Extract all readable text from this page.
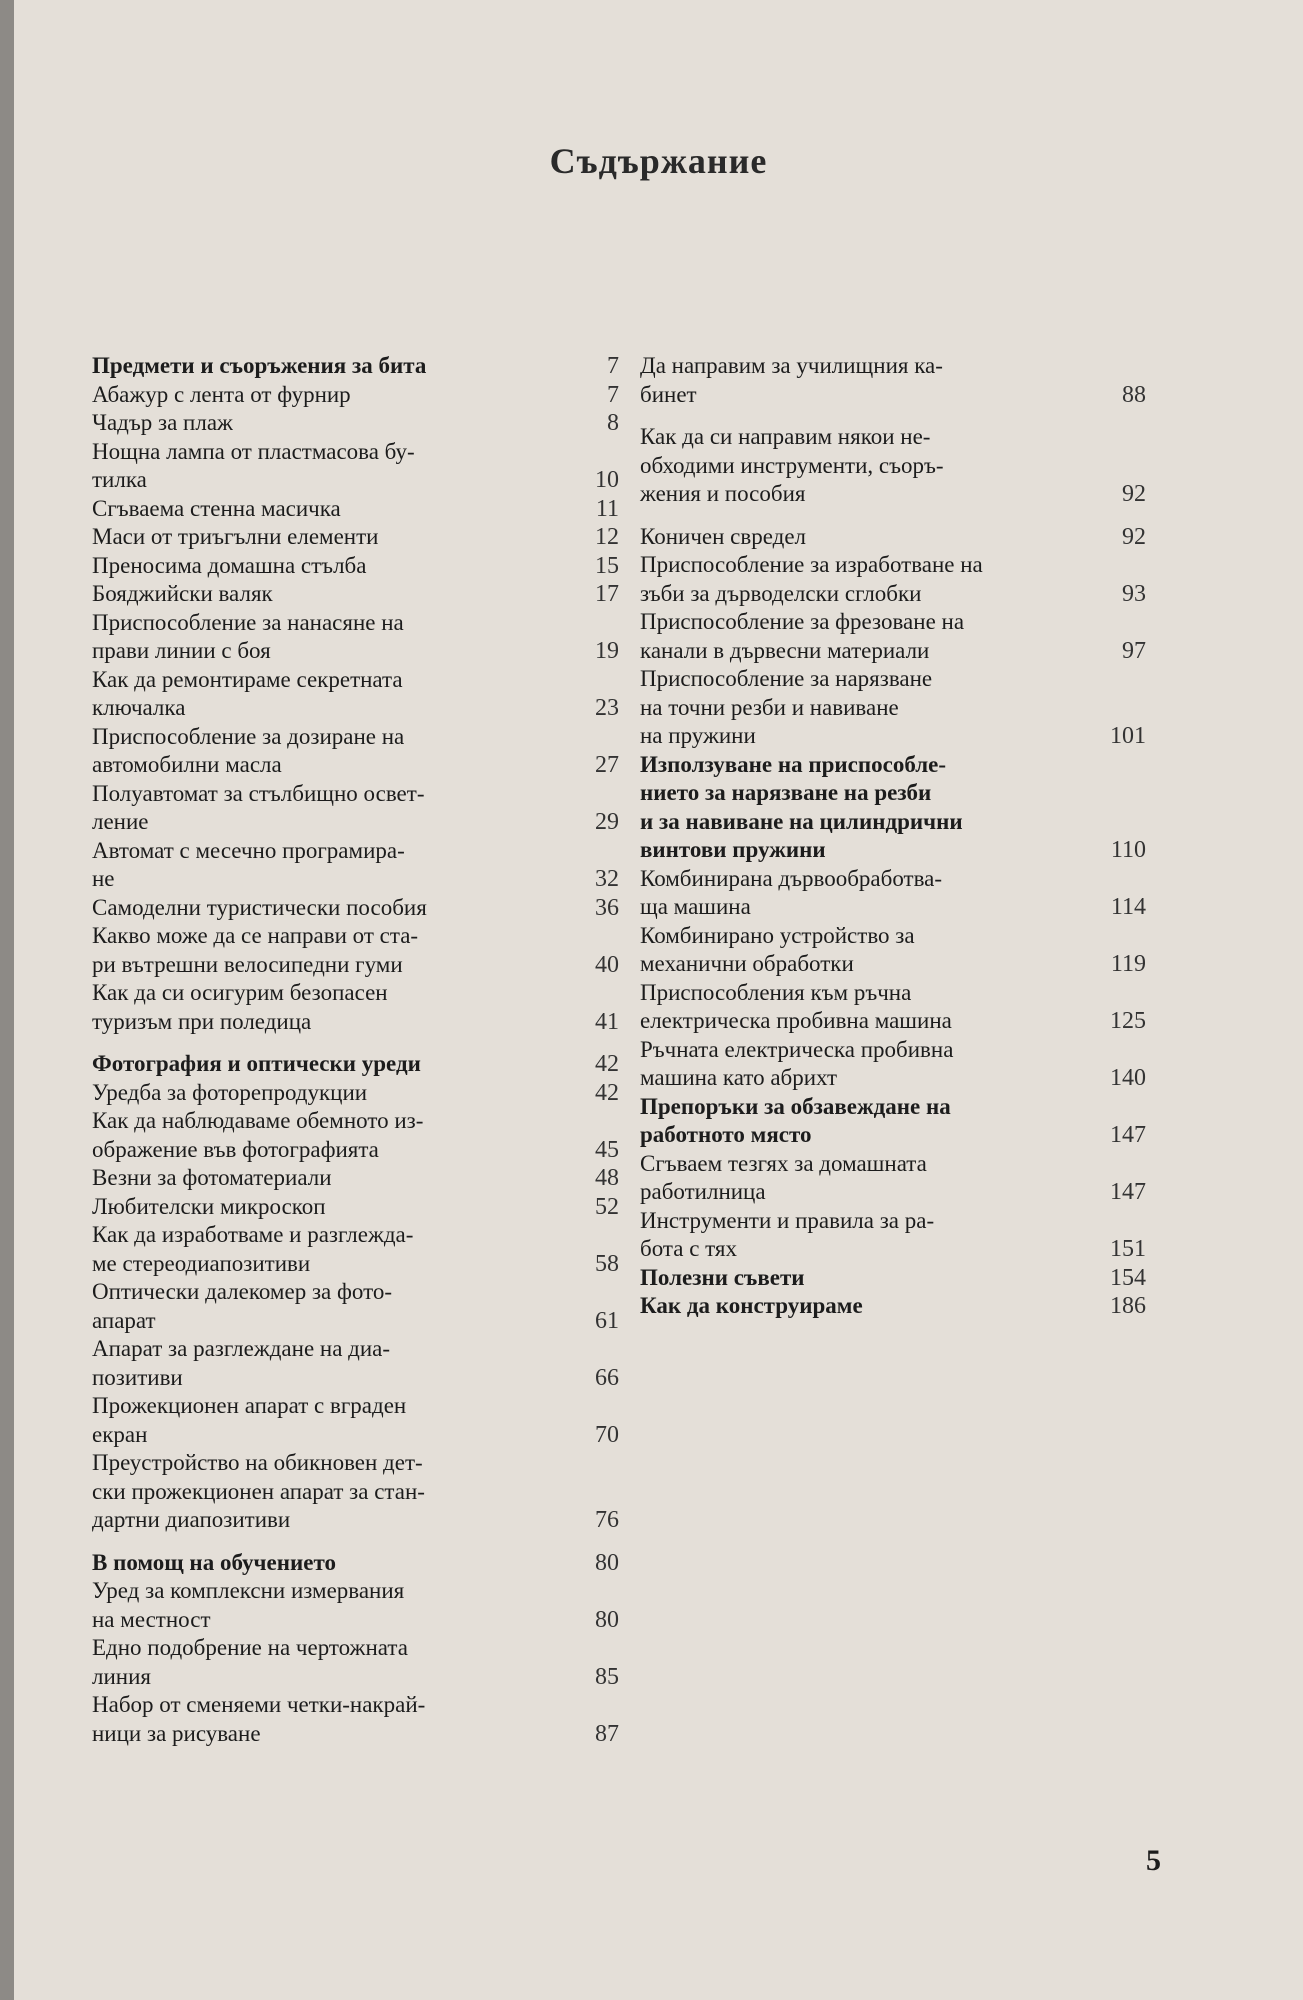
Съдържание
Предмети и съоръжения за бита	7
Абажур с лента от фурнир	7
Чадър за плаж	8
Нощна лампа от пластмасова бу-
тилка	10
Сгъваема стенна масичка	11
Маси от триъгълни елементи	12
Преносима домашна стълба	15
Бояджийски валяк	17
Приспособление за нанасяне на
прави линии с боя	19
Как да ремонтираме секретната
ключалка	23
Приспособление за дозиране на
автомобилни масла	27
Полуавтомат за стълбищно освет-
ление	29
Автомат с месечно програмира-
не	32
Самоделни туристически пособия	36
Какво може да се направи от ста-
ри вътрешни велосипедни гуми	40
Как да си осигурим безопасен
туризъм при поледица	41
Фотография и оптически уреди	42
Уредба за фоторепродукции	42
Как да наблюдаваме обемното из-
ображение във фотографията	45
Везни за фотоматериали	48
Любителски микроскоп	52
Как да изработваме и разглежда-
ме стереодиапозитиви	58
Оптически далекомер за фото-
апарат	61
Апарат за разглеждане на диа-
позитиви	66
Прожекционен апарат с вграден
екран	70
Преустройство на обикновен дет-
ски прожекционен апарат за стан-
дартни диапозитиви	76
В помощ на обучението	80
Уред за комплексни измервания
на местност	80
Едно подобрение на чертожната
линия	85
Набор от сменяеми четки-накрай-
ници за рисуване	87
Да направим за училищния ка-
бинет	88
Как да си направим някои не-
обходими инструменти, съоръ-
жения и пособия	92
Коничен свредел	92
Приспособление за изработване на
зъби за дърводелски сглобки	93
Приспособление за фрезоване на
канали в дървесни материали	97
Приспособление за нарязване
на точни резби и навиване
на пружини	101
Използуване на приспособле-
нието за нарязване на резби
и за навиване на цилиндрични
винтови пружини	110
Комбинирана дървообработва-
ща машина	114
Комбинирано устройство за
механични обработки	119
Приспособления към ръчна
електрическа пробивна машина	125
Ръчната електрическа пробивна
машина като абрихт	140
Препоръки за обзавеждане на
работното място	147
Сгъваем тезгях за домашната
работилница	147
Инструменти и правила за ра-
бота с тях	151
Полезни съвети	154
Как да конструираме	186
5
